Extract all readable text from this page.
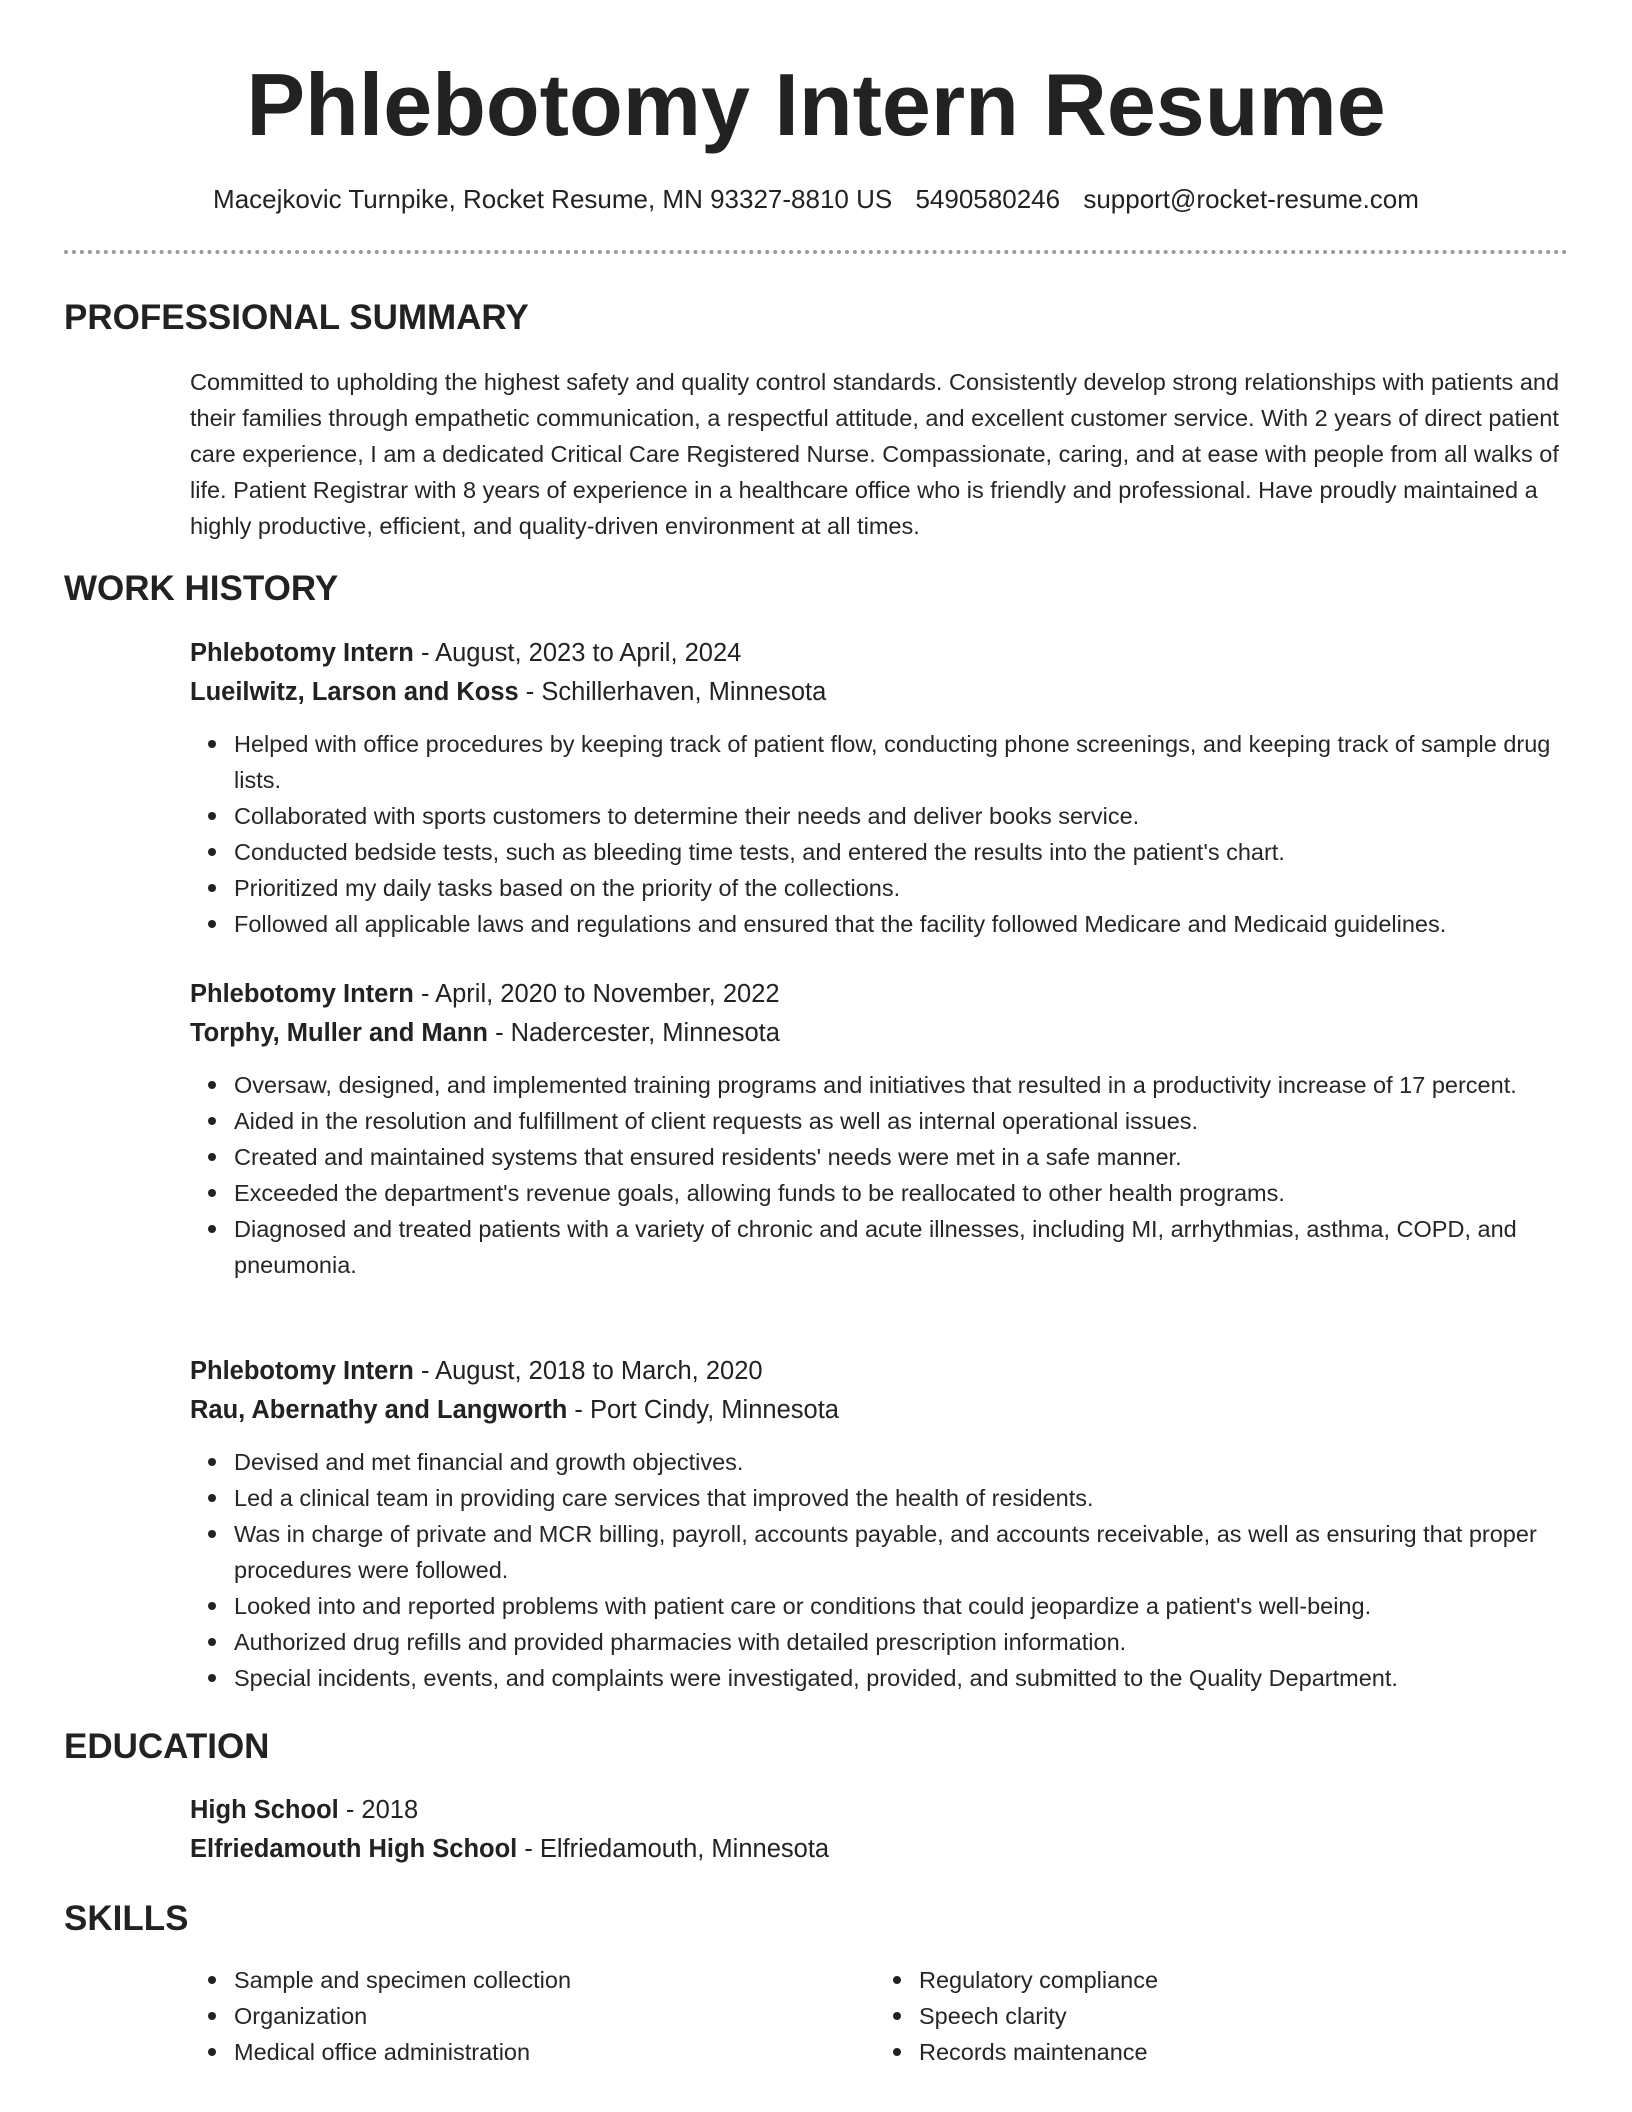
Phlebotomy Intern Resume
Macejkovic Turnpike, Rocket Resume, MN 93327-8810 US 5490580246 support@rocket-resume.com
PROFESSIONAL SUMMARY

Committed to upholding the highest safety and quality control standards. Consistently develop strong relationships with patients and their families through empathetic communication, a respectful attitude, and excellent customer service. With 2 years of direct patient care experience, I am a dedicated Critical Care Registered Nurse. Compassionate, caring, and at ease with people from all walks of life. Patient Registrar with 8 years of experience in a healthcare office who is friendly and professional. Have proudly maintained a highly productive, efficient, and quality-driven environment at all times.

WORK HISTORY

Phlebotomy Intern - August, 2023 to April, 2024

Lueilwitz, Larson and Koss - Schillerhaven, Minnesota

Helped with office procedures by keeping track of patient flow, conducting phone screenings, and keeping track of sample drug lists.
Collaborated with sports customers to determine their needs and deliver books service.
Conducted bedside tests, such as bleeding time tests, and entered the results into the patient's chart.
Prioritized my daily tasks based on the priority of the collections.
Followed all applicable laws and regulations and ensured that the facility followed Medicare and Medicaid guidelines.

Phlebotomy Intern - April, 2020 to November, 2022

Torphy, Muller and Mann - Nadercester, Minnesota

Oversaw, designed, and implemented training programs and initiatives that resulted in a productivity increase of 17 percent.
Aided in the resolution and fulfillment of client requests as well as internal operational issues.
Created and maintained systems that ensured residents' needs were met in a safe manner.
Exceeded the department's revenue goals, allowing funds to be reallocated to other health programs.
Diagnosed and treated patients with a variety of chronic and acute illnesses, including MI, arrhythmias, asthma, COPD, and pneumonia.

Phlebotomy Intern - August, 2018 to March, 2020

Rau, Abernathy and Langworth - Port Cindy, Minnesota

Devised and met financial and growth objectives.
Led a clinical team in providing care services that improved the health of residents.
Was in charge of private and MCR billing, payroll, accounts payable, and accounts receivable, as well as ensuring that proper procedures were followed.
Looked into and reported problems with patient care or conditions that could jeopardize a patient's well-being.
Authorized drug refills and provided pharmacies with detailed prescription information.
Special incidents, events, and complaints were investigated, provided, and submitted to the Quality Department.
EDUCATION

High School - 2018

Elfriedamouth High School - Elfriedamouth, Minnesota

SKILLS
Sample and specimen collection
Organization
Medical office administration
Regulatory compliance
Speech clarity
Records maintenance
